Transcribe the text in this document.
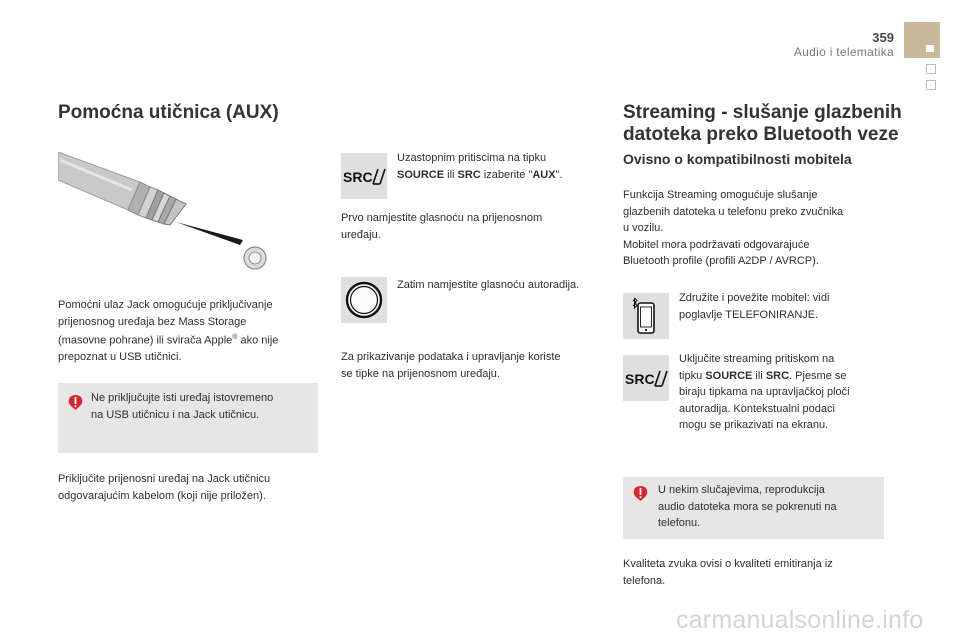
359
Audio i telematika
Pomoćna utičnica (AUX)

Pomoćni ulaz Jack omogućuje priključivanje
prijenosnog uređaja bez Mass Storage
(masovne pohrane) ili svirača Apple® ako nije
prepoznat u USB utičnici.

Ne priključujte isti uređaj istovremeno
na USB utičnicu i na Jack utičnicu.

Priključite prijenosni uređaj na Jack utičnicu
odgovarajućim kabelom (koji nije priložen).

SRC

Uzastopnim pritiscima na tipku
SOURCE ili SRC izaberite "AUX".

Prvo namjestite glasnoću na prijenosnom
uređaju.

Zatim namjestite glasnoću autoradija.

Za prikazivanje podataka i upravljanje koriste
se tipke na prijenosnom uređaju.

Streaming - slušanje glazbenih
datoteka preko Bluetooth veze
Ovisno o kompatibilnosti mobitela

Funkcija Streaming omogućuje slušanje
glazbenih datoteka u telefonu preko zvučnika
u vozilu.
Mobitel mora podržavati odgovarajuće
Bluetooth profile (profili A2DP / AVRCP).

Združite i povežite mobitel: vidi
poglavlje TELEFONIRANJE.

SRC

Uključite streaming pritiskom na
tipku SOURCE ili SRC. Pjesme se
biraju tipkama na upravljačkoj ploči
autoradija. Kontekstualni podaci
mogu se prikazivati na ekranu.

U nekim slučajevima, reprodukcija
audio datoteka mora se pokrenuti na
telefonu.

Kvaliteta zvuka ovisi o kvaliteti emitiranja iz
telefona.

carmanualsonline.info
